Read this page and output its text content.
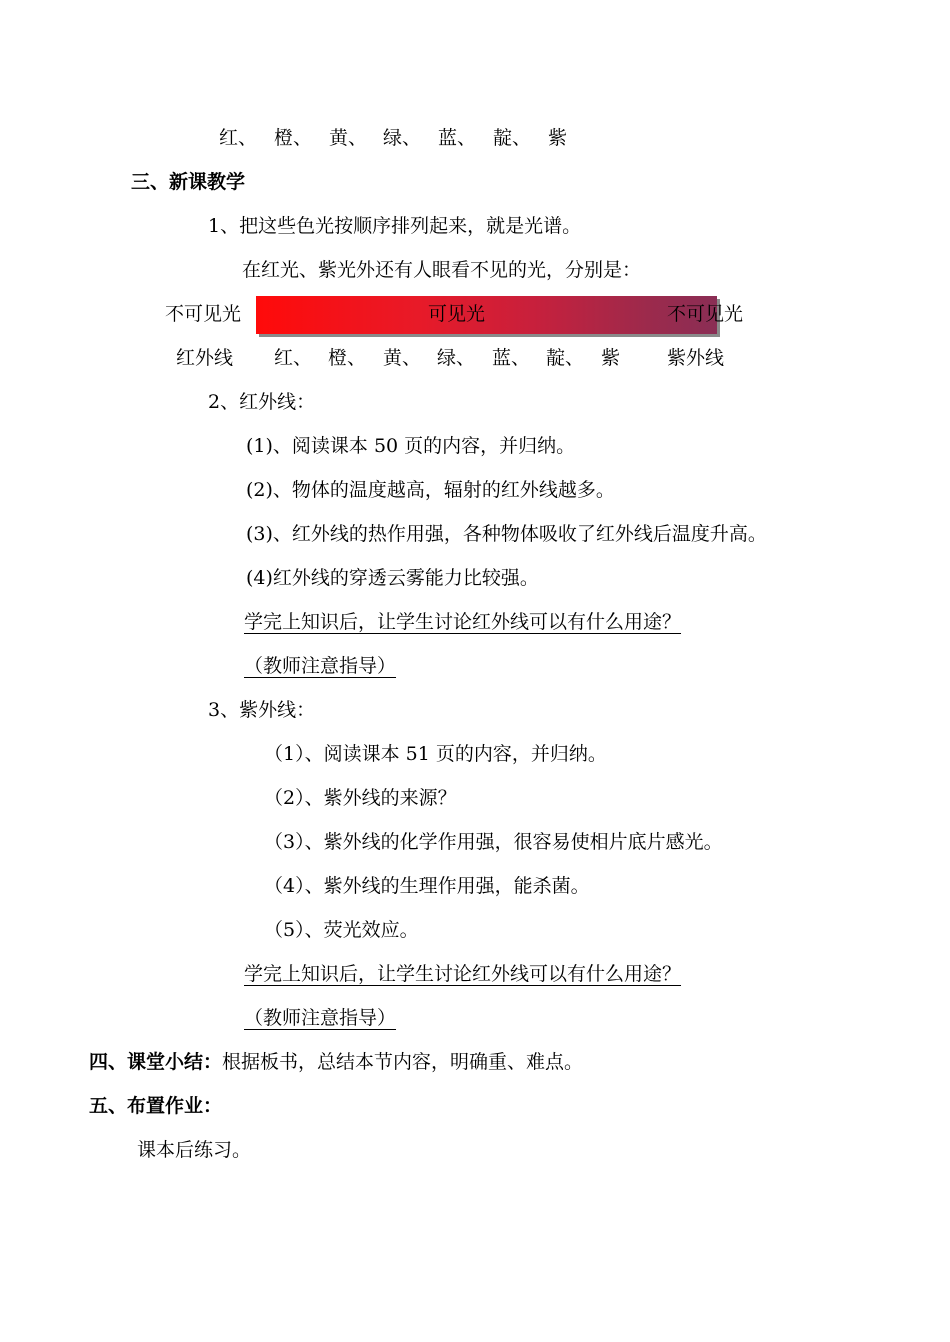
红、 橙、 黄、 绿、 蓝、 靛、 紫
三、新课教学
1、把这些色光按顺序排列起来，就是光谱。
在红光、紫光外还有人眼看不见的光，分别是：
不可见光	可见光	不可见光
红外线 红、 橙、 黄、 绿、 蓝、 靛、 紫 紫外线
2、红外线：
(1)、阅读课本 50 页的内容，并归纳。
(2)、物体的温度越高，辐射的红外线越多。
(3)、红外线的热作用强，各种物体吸收了红外线后温度升高。
(4)红外线的穿透云雾能力比较强。
学完上知识后，让学生讨论红外线可以有什么用途？
（教师注意指导）
3、紫外线：
（1）、阅读课本 51 页的内容，并归纳。
（2）、紫外线的来源？
（3）、紫外线的化学作用强，很容易使相片底片感光。
（4）、紫外线的生理作用强，能杀菌。
（5）、荧光效应。
学完上知识后，让学生讨论红外线可以有什么用途？
（教师注意指导）
四、课堂小结：根据板书，总结本节内容，明确重、难点。
五、布置作业：
课本后练习。
